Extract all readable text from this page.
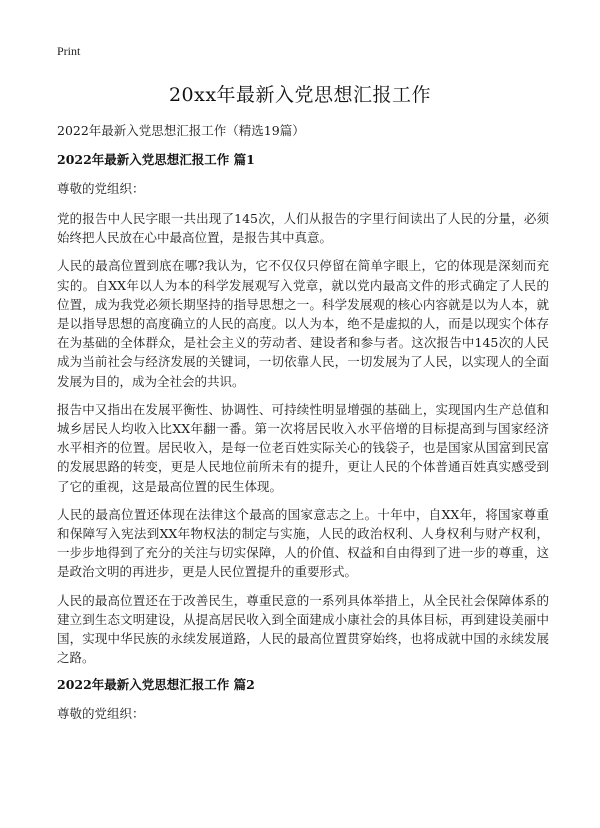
Print
20xx年最新入党思想汇报工作
2022年最新入党思想汇报工作（精选19篇）
2022年最新入党思想汇报工作 篇1
尊敬的党组织：

党的报告中人民字眼一共出现了145次，人们从报告的字里行间读出了人民的分量，必须始终把人民放在心中最高位置，是报告其中真意。

人民的最高位置到底在哪?我认为，它不仅仅只停留在简单字眼上，它的体现是深刻而充实的。自XX年以人为本的科学发展观写入党章，就以党内最高文件的形式确定了人民的位置，成为我党必须长期坚持的指导思想之一。科学发展观的核心内容就是以为人本，就是以指导思想的高度确立的人民的高度。以人为本，绝不是虚拟的人，而是以现实个体存在为基础的全体群众，是社会主义的劳动者、建设者和参与者。这次报告中145次的人民成为当前社会与经济发展的关键词，一切依靠人民，一切发展为了人民，以实现人的全面发展为目的，成为全社会的共识。

报告中又指出在发展平衡性、协调性、可持续性明显增强的基础上，实现国内生产总值和城乡居民人均收入比XX年翻一番。第一次将居民收入水平倍增的目标提高到与国家经济水平相齐的位置。居民收入，是每一位老百姓实际关心的钱袋子，也是国家从国富到民富的发展思路的转变，更是人民地位前所未有的提升，更让人民的个体普通百姓真实感受到了它的重视，这是最高位置的民生体现。

人民的最高位置还体现在法律这个最高的国家意志之上。十年中，自XX年，将国家尊重和保障写入宪法到XX年物权法的制定与实施，人民的政治权利、人身权利与财产权利，一步步地得到了充分的关注与切实保障，人的价值、权益和自由得到了进一步的尊重，这是政治文明的再进步，更是人民位置提升的重要形式。

人民的最高位置还在于改善民生，尊重民意的一系列具体举措上，从全民社会保障体系的建立到生态文明建设，从提高居民收入到全面建成小康社会的具体目标，再到建设美丽中国，实现中华民族的永续发展道路，人民的最高位置贯穿始终，也将成就中国的永续发展之路。

2022年最新入党思想汇报工作 篇2
尊敬的党组织：
